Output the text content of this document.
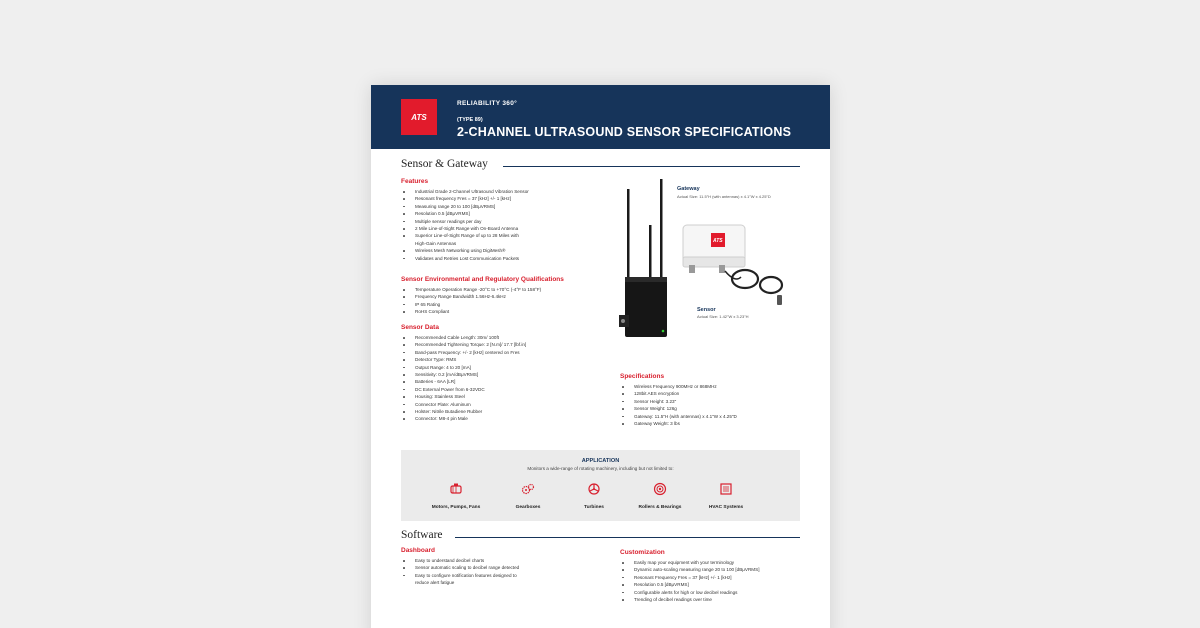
ATS
RELIABILITY 360°
(TYPE 89)
2-CHANNEL ULTRASOUND SENSOR SPECIFICATIONS
Sensor & Gateway
Features
Industrial Grade 2-Channel Ultrasound Vibration Sensor
Resonant frequency Fres = 37 [kHz] +/- 1 [kHz]
Measuring range 20 to 100 [dBμVRMS]
Resolution 0.5 [dBμVRMS]
Multiple sensor readings per day
2 Mile Line-of-Sight Range with On-Board Antenna
Superior Line-of-Sight Range of up to 28 Miles with
High-Gain Antennas
Wireless Mesh Networking using DigiMesh®
Validates and Retries Lost Communication Packets
Sensor Environmental and Regulatory Qualifications
Temperature Operation Range -20°C to +70°C (-4°F to 158°F)
Frequency Range Bandwidth 1.56Hz-6.4kHz
IP 65 Rating
RoHS Compliant
Sensor Data
Recommended Cable Length: 30m/ 100ft
Recommended Tightening Torque: 2 [N.m]/ 17.7 [lbf.in]
Band-pass Frequency: +/- 2 [kHz] centered on Fres
Detector Type: RMS
Output Range: 4 to 20 [mA]
Sensitivity: 0.2 [mA/dBμVRMS]
Batteries - 6AA [LR]
DC External Power from 6-32VDC
Housing: Stainless Steel
Connector Plate: Aluminum
Holster: Nitrile Butadiene Rubber
Connector: M8-4 pin Male
Gateway
Actual Size: 11.5"H (with antennas) x 4.1"W x 4.25"D
ATS
Sensor
Actual Size: 1.42"W x 3.23"H
Specifications
Wireless Frequency 900MHz or 868MHz
128bit AES encryption
Sensor Height: 3.23"
Sensor Weight: 126g
Gateway: 11.5"H (with antennas) x 4.1"W x 4.25"D
Gateway Weight: 3 lbs
APPLICATION
Monitors a wide-range of rotating machinery, including but not limited to:
Motors, Pumps, Fans	Gearboxes	Turbines	Rollers & Bearings	HVAC Systems
Software
Dashboard
Easy to understand decibel charts
Sensor automatic scaling to decibel range detected
Easy to configure notification features designed to
reduce alert fatigue
Customization
Easily map your equipment with your terminology
Dynamic auto-scaling measuring range 20 to 100 [dBμVRMS]
Resonant Frequency Fres = 37 [kHz] +/- 1 [kHz]
Resolution 0.5 [dBμVRMS]
Configurable alerts for high or low decibel readings
Trending of decibel readings over time
